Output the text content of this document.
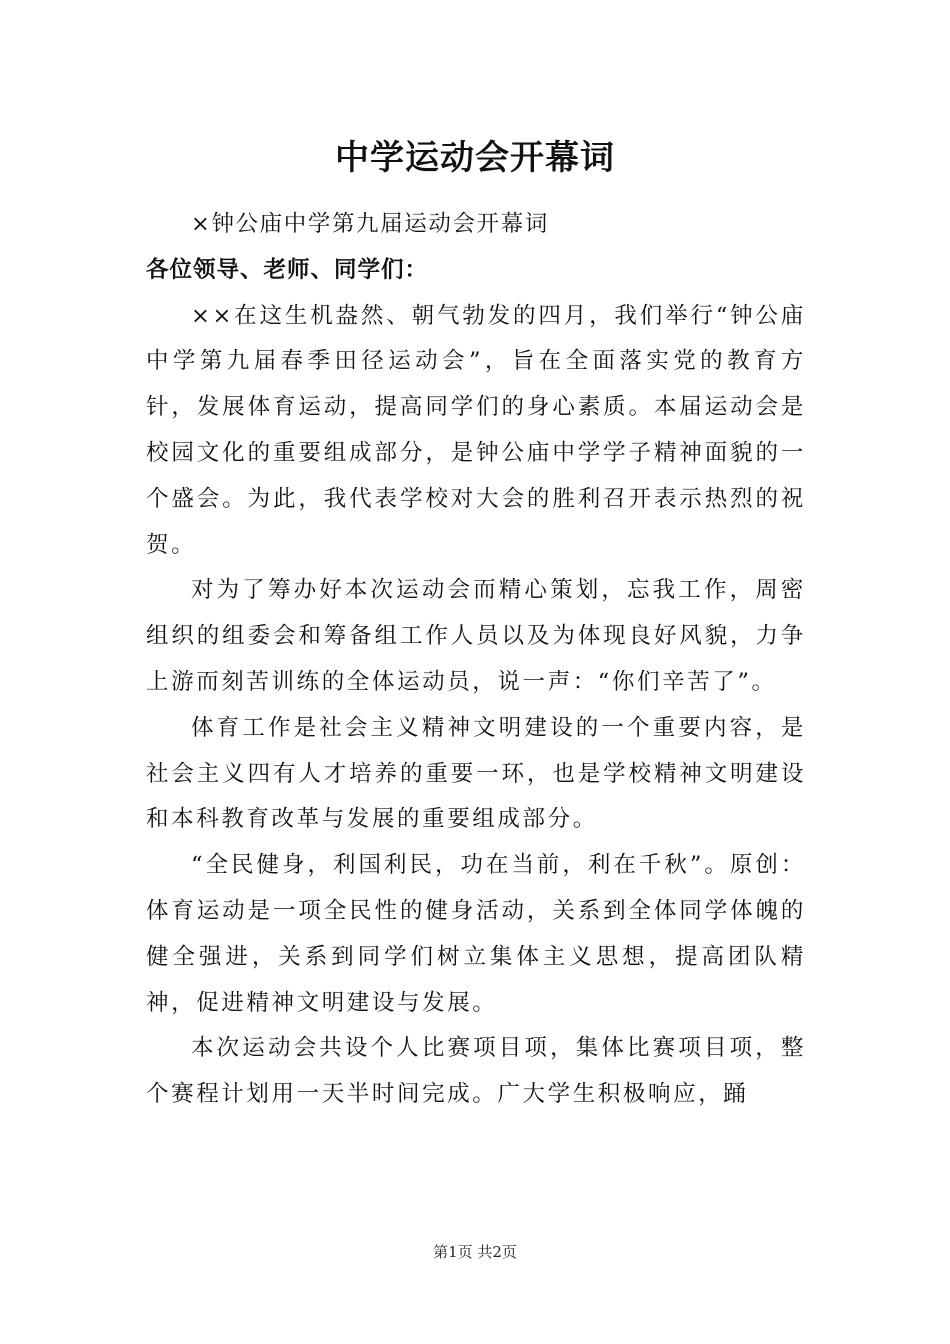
中学运动会开幕词

×钟公庙中学第九届运动会开幕词

各位领导、老师、同学们：

××在这生机盎然、朝气勃发的四月，我们举行“钟公庙中学第九届春季田径运动会”，旨在全面落实党的教育方针，发展体育运动，提高同学们的身心素质。本届运动会是校园文化的重要组成部分，是钟公庙中学学子精神面貌的一个盛会。为此，我代表学校对大会的胜利召开表示热烈的祝贺。

对为了筹办好本次运动会而精心策划，忘我工作，周密组织的组委会和筹备组工作人员以及为体现良好风貌，力争上游而刻苦训练的全体运动员，说一声：“你们辛苦了”。

体育工作是社会主义精神文明建设的一个重要内容，是社会主义四有人才培养的重要一环，也是学校精神文明建设和本科教育改革与发展的重要组成部分。

“全民健身，利国利民，功在当前，利在千秋”。原创：体育运动是一项全民性的健身活动，关系到全体同学体魄的健全强进，关系到同学们树立集体主义思想，提高团队精神，促进精神文明建设与发展。

本次运动会共设个人比赛项目项，集体比赛项目项，整个赛程计划用一天半时间完成。广大学生积极响应，踊

第1页 共2页
